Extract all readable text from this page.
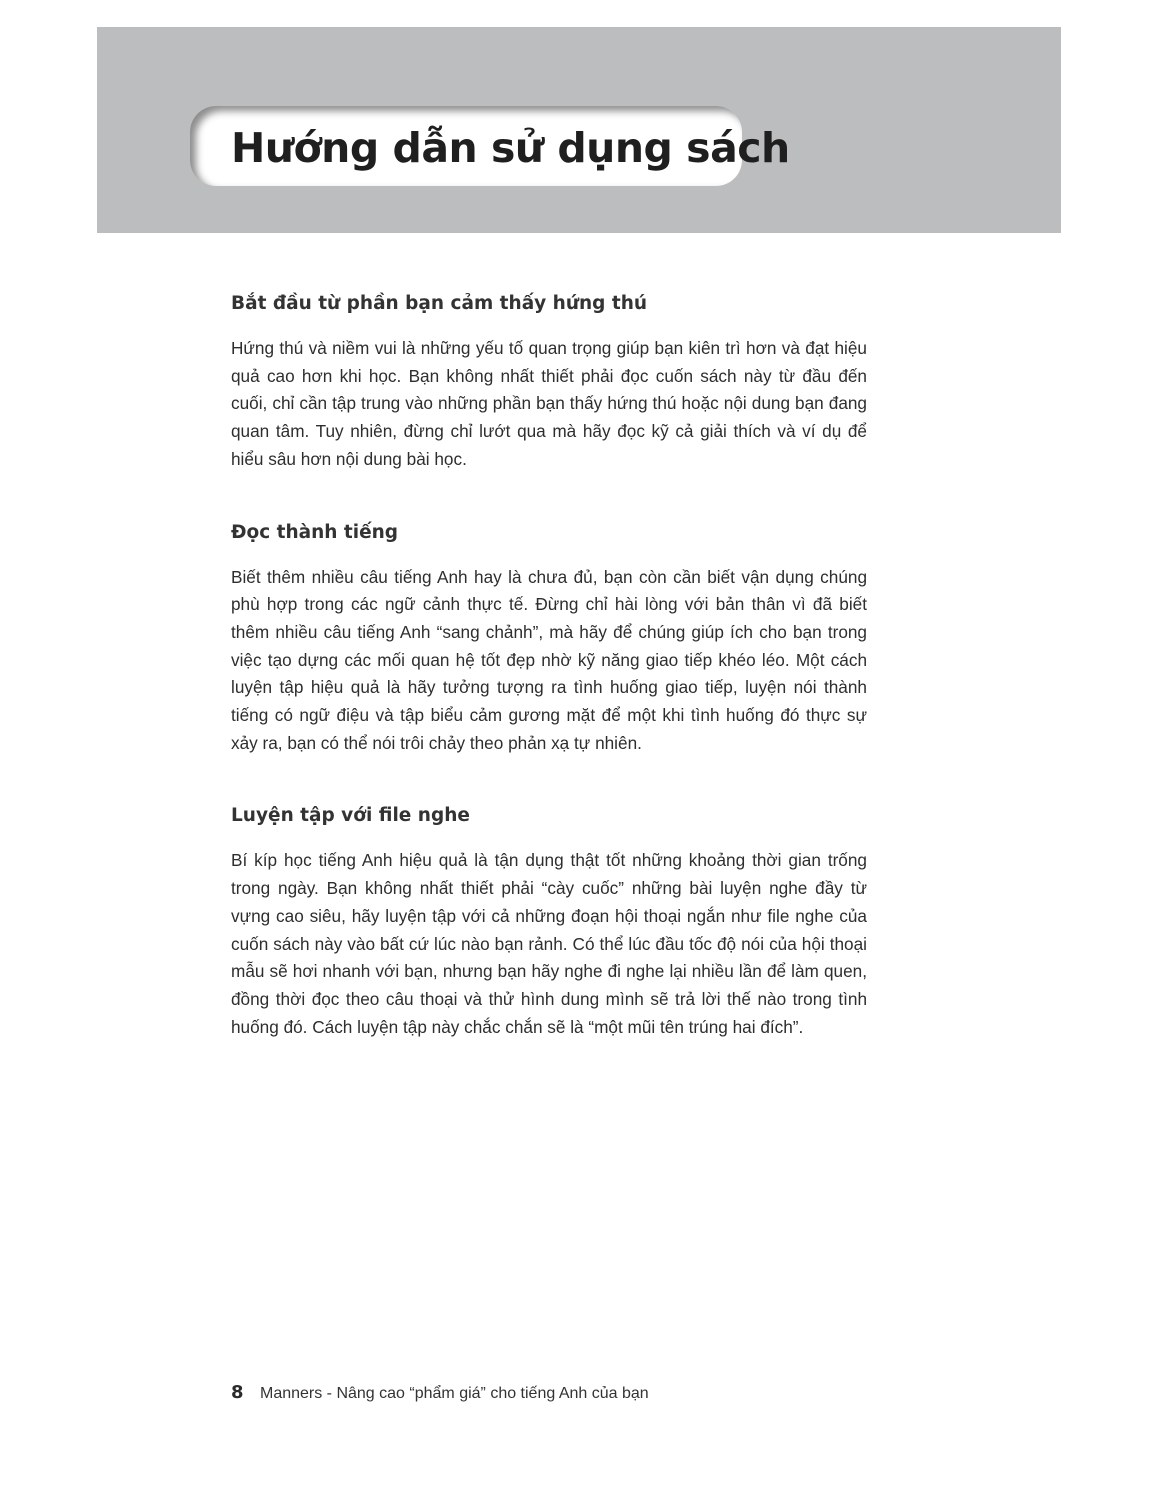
Hướng dẫn sử dụng sách
Bắt đầu từ phần bạn cảm thấy hứng thú

Hứng thú và niềm vui là những yếu tố quan trọng giúp bạn kiên trì hơn và đạt hiệu quả cao hơn khi học. Bạn không nhất thiết phải đọc cuốn sách này từ đầu đến cuối, chỉ cần tập trung vào những phần bạn thấy hứng thú hoặc nội dung bạn đang quan tâm. Tuy nhiên, đừng chỉ lướt qua mà hãy đọc kỹ cả giải thích và ví dụ để hiểu sâu hơn nội dung bài học.

Đọc thành tiếng

Biết thêm nhiều câu tiếng Anh hay là chưa đủ, bạn còn cần biết vận dụng chúng phù hợp trong các ngữ cảnh thực tế. Đừng chỉ hài lòng với bản thân vì đã biết thêm nhiều câu tiếng Anh “sang chảnh”, mà hãy để chúng giúp ích cho bạn trong việc tạo dựng các mối quan hệ tốt đẹp nhờ kỹ năng giao tiếp khéo léo. Một cách luyện tập hiệu quả là hãy tưởng tượng ra tình huống giao tiếp, luyện nói thành tiếng có ngữ điệu và tập biểu cảm gương mặt để một khi tình huống đó thực sự xảy ra, bạn có thể nói trôi chảy theo phản xạ tự nhiên.

Luyện tập với file nghe

Bí kíp học tiếng Anh hiệu quả là tận dụng thật tốt những khoảng thời gian trống trong ngày. Bạn không nhất thiết phải “cày cuốc” những bài luyện nghe đầy từ vựng cao siêu, hãy luyện tập với cả những đoạn hội thoại ngắn như file nghe của cuốn sách này vào bất cứ lúc nào bạn rảnh. Có thể lúc đầu tốc độ nói của hội thoại mẫu sẽ hơi nhanh với bạn, nhưng bạn hãy nghe đi nghe lại nhiều lần để làm quen, đồng thời đọc theo câu thoại và thử hình dung mình sẽ trả lời thế nào trong tình huống đó. Cách luyện tập này chắc chắn sẽ là “một mũi tên trúng hai đích”.

8 Manners - Nâng cao “phẩm giá” cho tiếng Anh của bạn
